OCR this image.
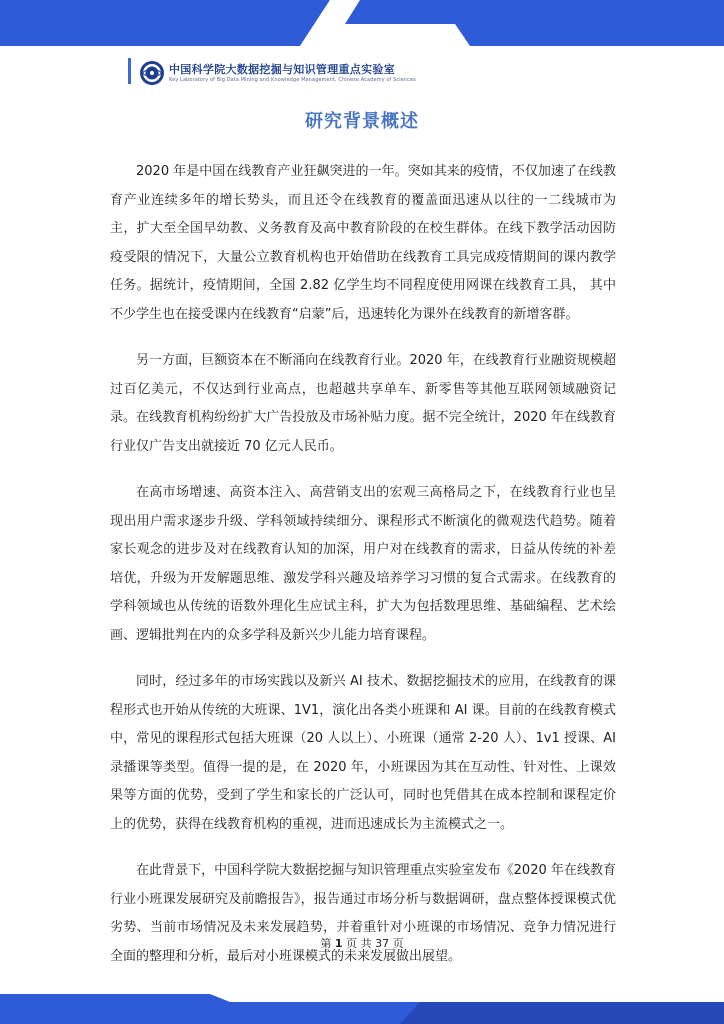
中国科学院大数据挖掘与知识管理重点实验室
Key Laboratory of Big Data Mining and Knowledge Management, Chinese Academy of Sciences
研究背景概述

2020 年是中国在线教育产业狂飙突进的一年。突如其来的疫情，不仅加速了在线教育产业连续多年的增长势头，而且还令在线教育的覆盖面迅速从以往的一二线城市为主，扩大至全国早幼教、义务教育及高中教育阶段的在校生群体。在线下教学活动因防疫受限的情况下，大量公立教育机构也开始借助在线教育工具完成疫情期间的课内教学任务。据统计，疫情期间，全国 2.82 亿学生均不同程度使用网课在线教育工具， 其中不少学生也在接受课内在线教育“启蒙”后，迅速转化为课外在线教育的新增客群。

另一方面，巨额资本在不断涌向在线教育行业。2020 年，在线教育行业融资规模超过百亿美元，不仅达到行业高点，也超越共享单车、新零售等其他互联网领域融资记录。在线教育机构纷纷扩大广告投放及市场补贴力度。据不完全统计，2020 年在线教育行业仅广告支出就接近 70 亿元人民币。

在高市场增速、高资本注入、高营销支出的宏观三高格局之下，在线教育行业也呈现出用户需求逐步升级、学科领域持续细分、课程形式不断演化的微观迭代趋势。随着家长观念的进步及对在线教育认知的加深，用户对在线教育的需求，日益从传统的补差培优，升级为开发解题思维、激发学科兴趣及培养学习习惯的复合式需求。在线教育的学科领域也从传统的语数外理化生应试主科，扩大为包括数理思维、基础编程、艺术绘画、逻辑批判在内的众多学科及新兴少儿能力培育课程。

同时，经过多年的市场实践以及新兴 AI 技术、数据挖掘技术的应用，在线教育的课程形式也开始从传统的大班课、1V1，演化出各类小班课和 AI 课。目前的在线教育模式中，常见的课程形式包括大班课（20 人以上）、小班课（通常 2-20 人）、1v1 授课、AI 录播课等类型。值得一提的是，在 2020 年，小班课因为其在互动性、针对性、上课效果等方面的优势，受到了学生和家长的广泛认可，同时也凭借其在成本控制和课程定价上的优势，获得在线教育机构的重视，进而迅速成长为主流模式之一。

在此背景下，中国科学院大数据挖掘与知识管理重点实验室发布《2020 年在线教育行业小班课发展研究及前瞻报告》，报告通过市场分析与数据调研，盘点整体授课模式优劣势、当前市场情况及未来发展趋势，并着重针对小班课的市场情况、竞争力情况进行全面的整理和分析，最后对小班课模式的未来发展做出展望。

第 1 页 共 37 页
